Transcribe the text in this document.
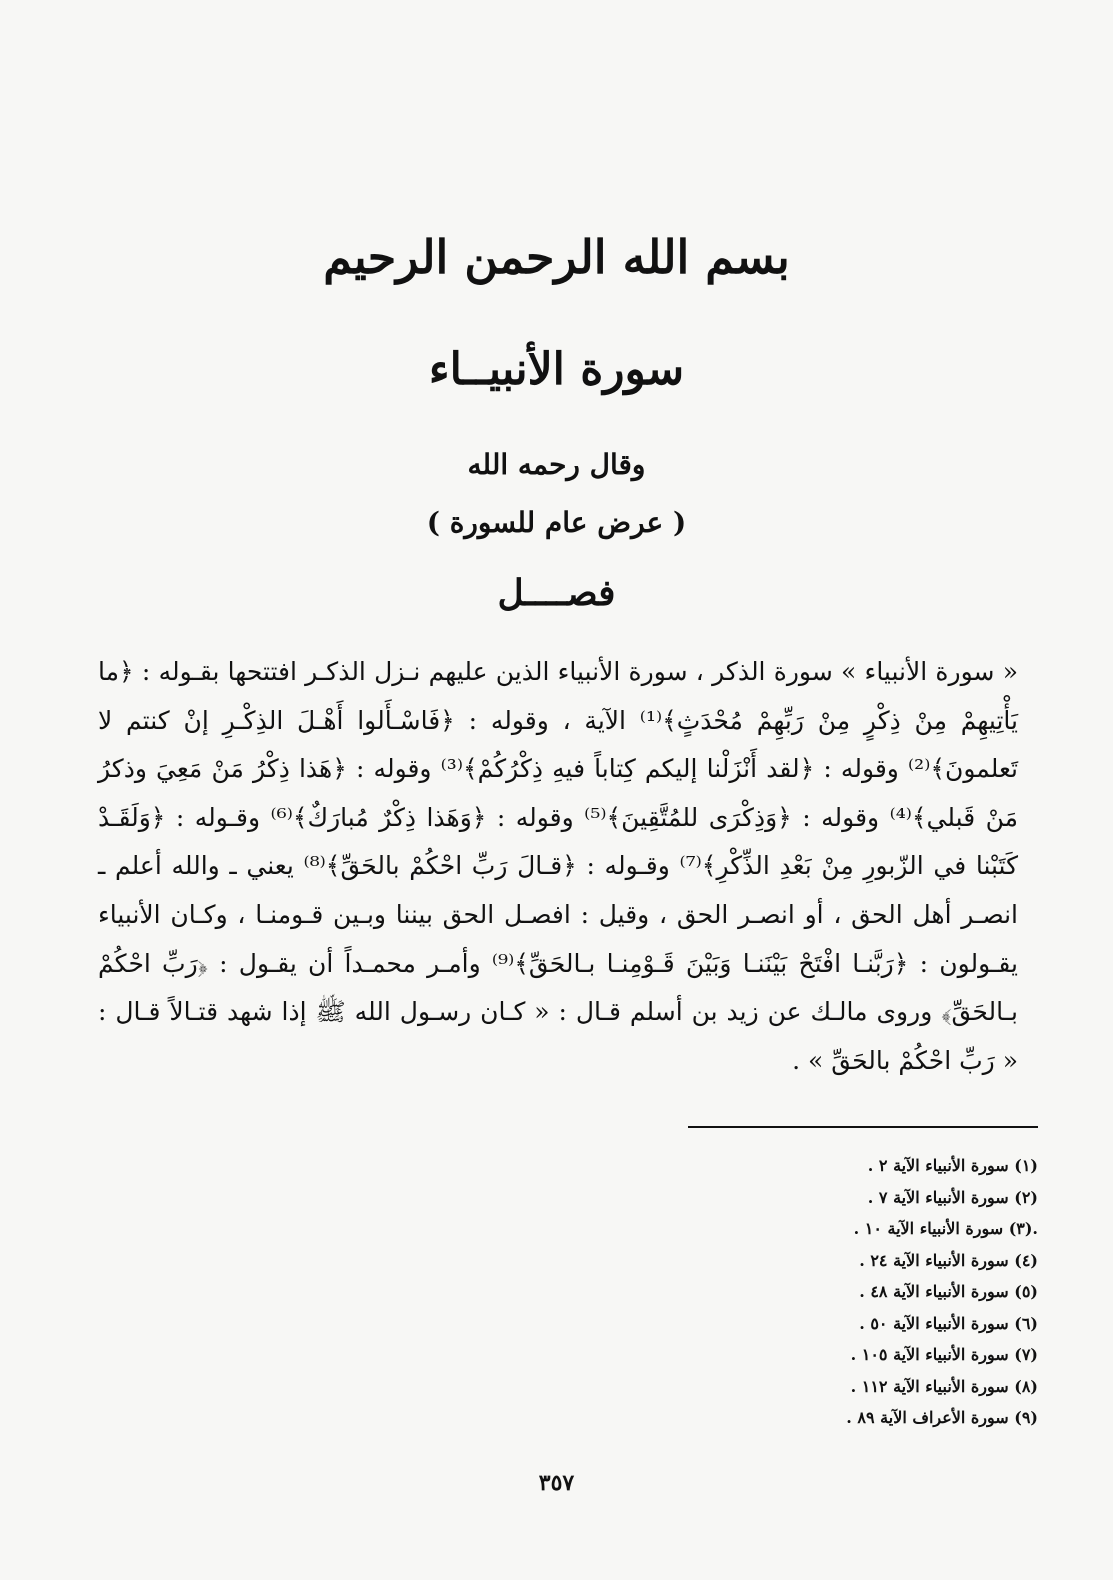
بسم الله الرحمن الرحيم
سورة الأنبيــاء
وقال رحمه الله
( عرض عام للسورة )
فصــــل

« سورة الأنبياء » سورة الذكر ، سورة الأنبياء الذين عليهم نـزل الذكـر افتتحها بقـوله : ﴿ما يَأْتِيهِمْ مِنْ ذِكْرٍ مِنْ رَبِّهِمْ مُحْدَثٍ﴾⁽¹⁾ الآية ، وقوله : ﴿فَاسْـأَلوا أَهْـلَ الذِكْـرِ إنْ كنتم لا تَعلمونَ﴾⁽²⁾ وقوله : ﴿لقد أَنْزَلْنا إليكم كِتاباً فيهِ ذِكْرُكُمْ﴾⁽³⁾ وقوله : ﴿هَذا ذِكْرُ مَنْ مَعِيَ وذكرُ مَنْ قَبلي﴾⁽⁴⁾ وقوله : ﴿وَذِكْرَى للمُتَّقِينَ﴾⁽⁵⁾ وقوله : ﴿وَهَذا ذِكْرٌ مُبارَكٌ﴾⁽⁶⁾ وقـوله : ﴿وَلَقَـدْ كَتَبْنا في الزّبورِ مِنْ بَعْدِ الذِّكْرِ﴾⁽⁷⁾ وقـوله : ﴿قـالَ رَبِّ احْكُمْ بالحَقِّ﴾⁽⁸⁾ يعني ـ والله أعلم ـ انصـر أهل الحق ، أو انصـر الحق ، وقيل : افصـل الحق بيننا وبـين قـومنـا ، وكـان الأنبياء يقـولون : ﴿رَبَّنـا افْتَحْ بَيْنَنـا وَبَيْنَ قَـوْمِنـا بـالحَقِّ﴾⁽⁹⁾ وأمـر محمـداً أن يقـول : ﴿رَبِّ احْكُمْ بـالحَقِّ﴾ وروى مالـك عن زيد بن أسلم قـال : « كـان رسـول الله ﷺ إذا شهد قتـالاً قـال : « رَبِّ احْكُمْ بالحَقِّ » .

(١) سورة الأنبياء الآية ٢ .
(٢) سورة الأنبياء الآية ٧ .
.(٣) سورة الأنبياء الآية ١٠ .
(٤) سورة الأنبياء الآية ٢٤ .
(٥) سورة الأنبياء الآية ٤٨ .
(٦) سورة الأنبياء الآية ٥٠ .
(٧) سورة الأنبياء الآية ١٠٥ .
(٨) سورة الأنبياء الآية ١١٢ .
(٩) سورة الأعراف الآية ٨٩ .
٣٥٧
